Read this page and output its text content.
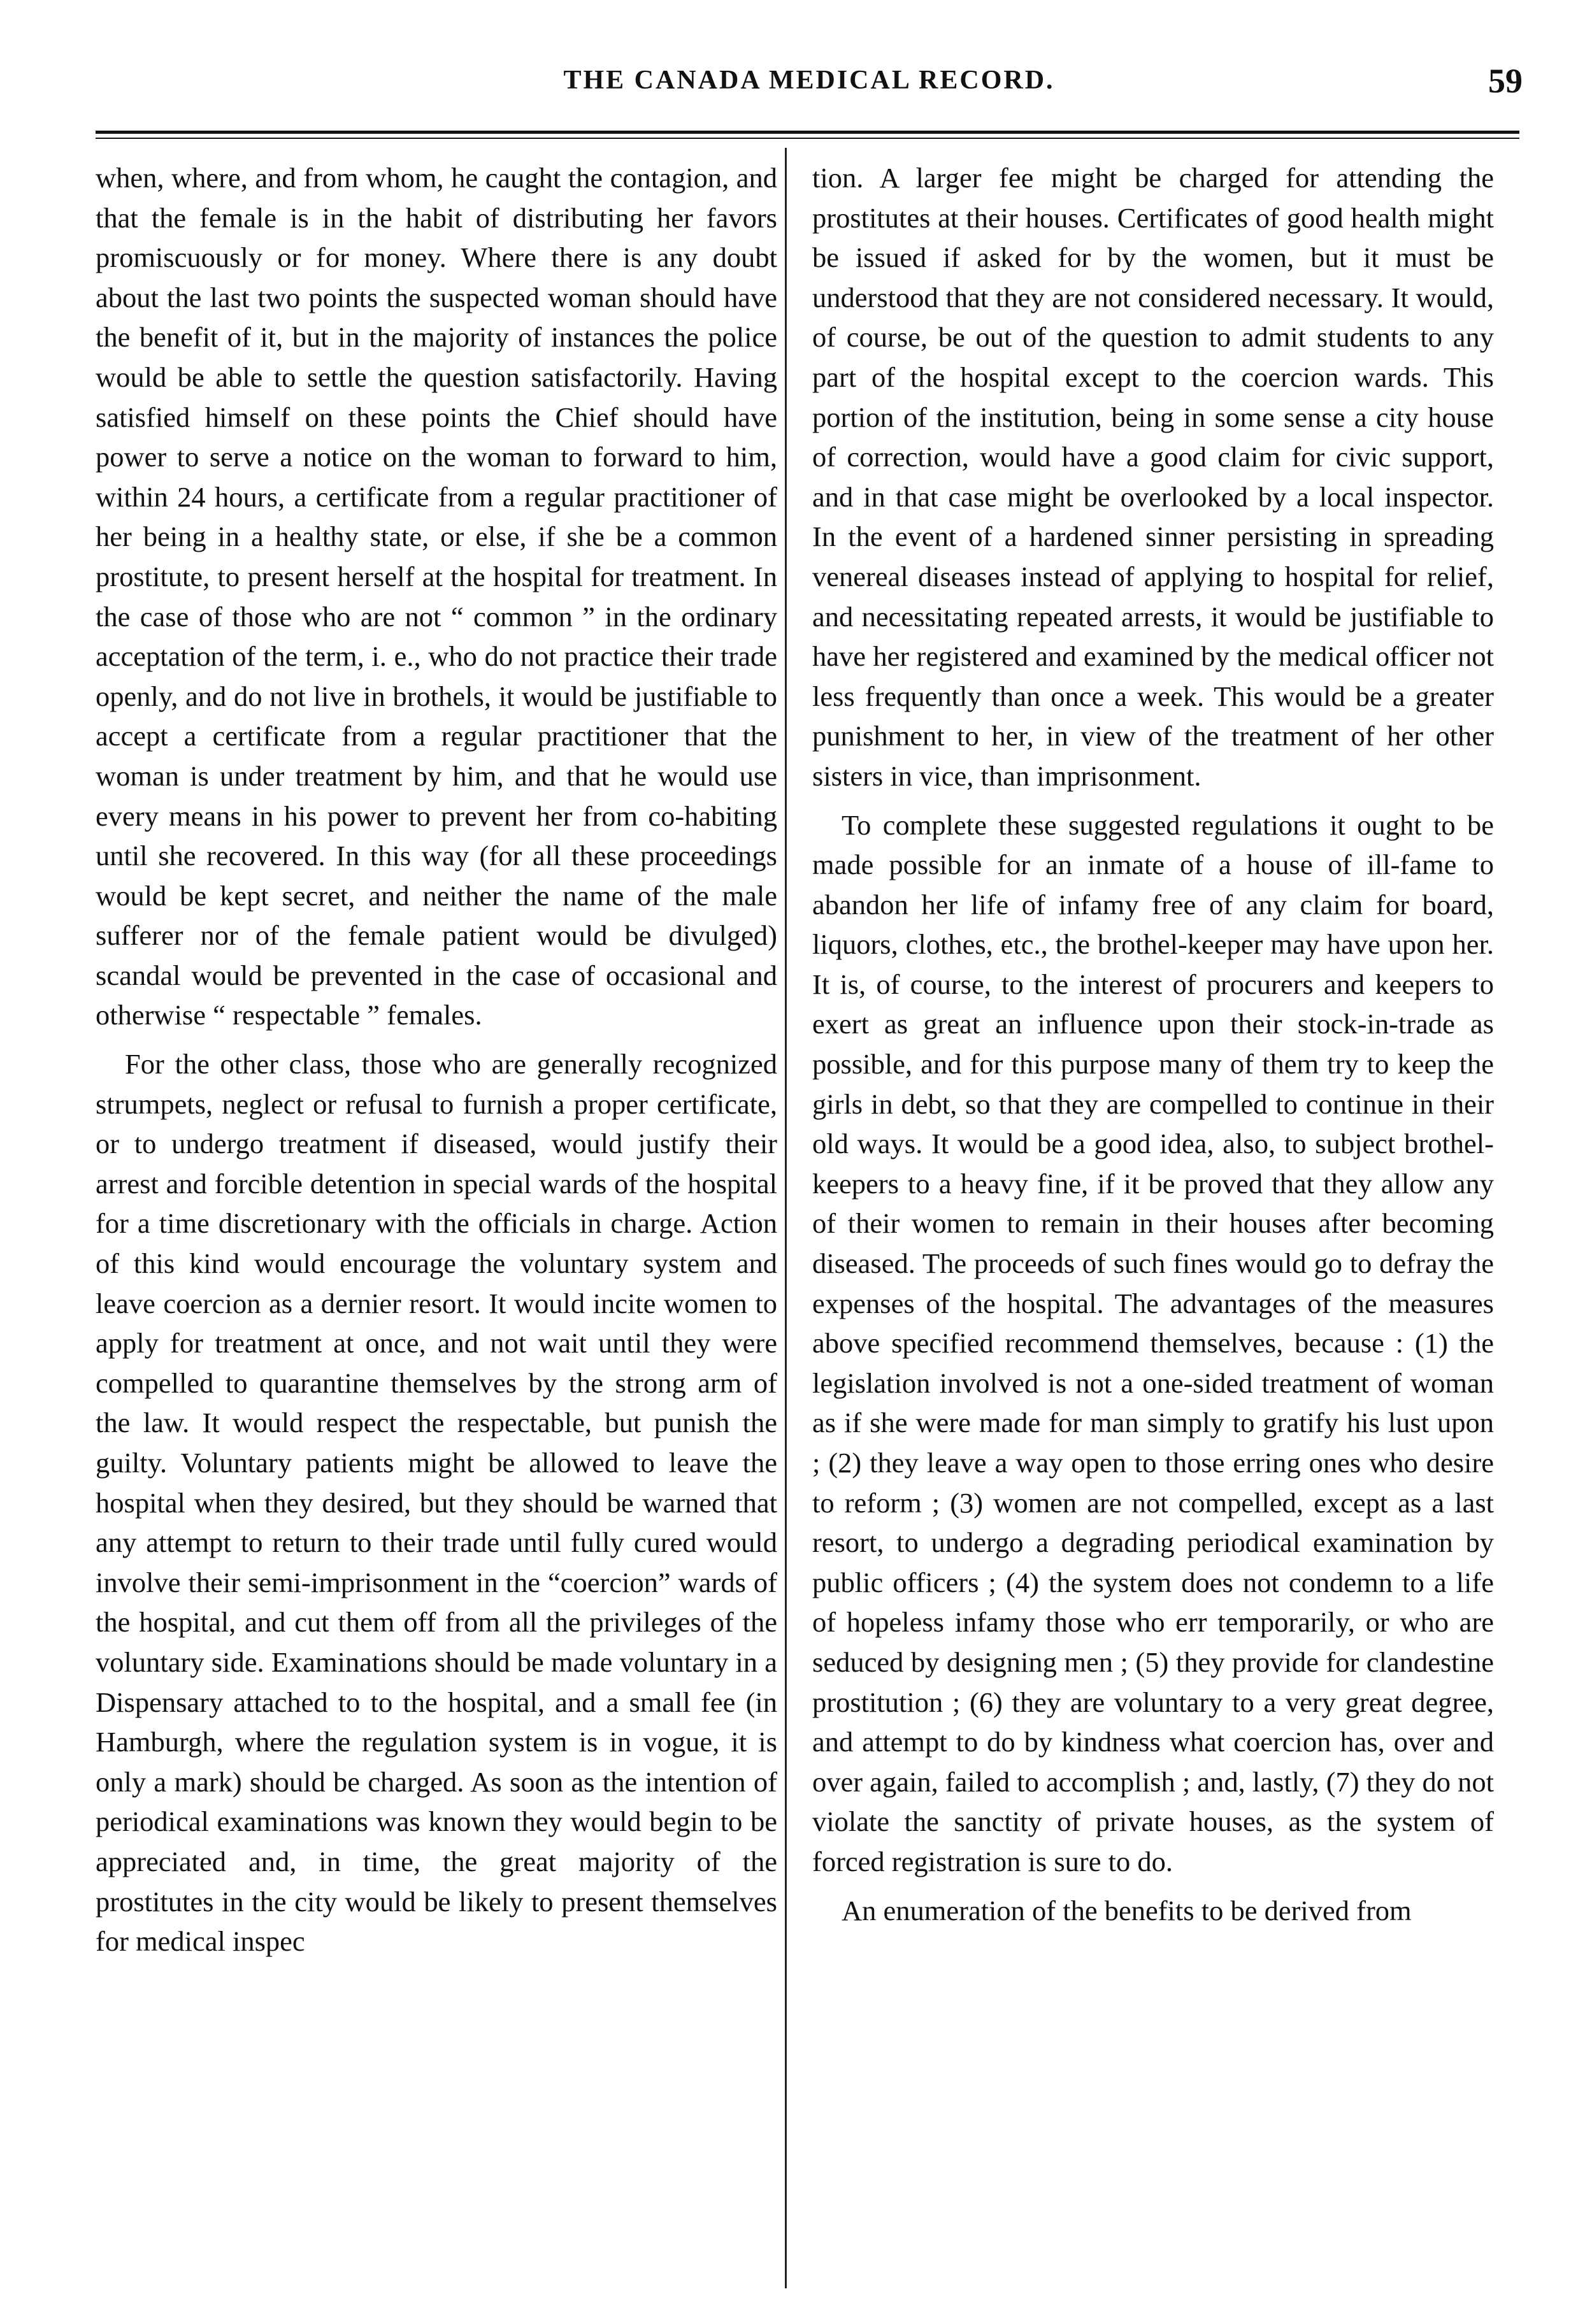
THE CANADA MEDICAL RECORD.	59

when, where, and from whom, he caught the contagion, and that the female is in the habit of distributing her favors promiscuously or for money. Where there is any doubt about the last two points the suspected woman should have the benefit of it, but in the majority of instances the police would be able to settle the question satisfactorily. Having satisfied himself on these points the Chief should have power to serve a notice on the woman to forward to him, within 24 hours, a certificate from a regular practitioner of her being in a healthy state, or else, if she be a common prostitute, to present herself at the hospital for treatment. In the case of those who are not “ common ” in the ordinary acceptation of the term, i. e., who do not practice their trade openly, and do not live in brothels, it would be justifiable to accept a certificate from a regular practitioner that the woman is under treatment by him, and that he would use every means in his power to prevent her from co-habiting until she recovered. In this way (for all these proceedings would be kept secret, and neither the name of the male sufferer nor of the female patient would be divulged) scandal would be prevented in the case of occasional and otherwise “ respectable ” females.

For the other class, those who are generally recognized strumpets, neglect or refusal to furnish a proper certificate, or to undergo treatment if diseased, would justify their arrest and forcible detention in special wards of the hospital for a time discretionary with the officials in charge. Action of this kind would encourage the voluntary system and leave coercion as a dernier resort. It would incite women to apply for treatment at once, and not wait until they were compelled to quarantine themselves by the strong arm of the law. It would respect the respectable, but punish the guilty. Voluntary patients might be allowed to leave the hospital when they desired, but they should be warned that any attempt to return to their trade until fully cured would involve their semi-imprisonment in the “coercion” wards of the hospital, and cut them off from all the privileges of the voluntary side. Examinations should be made voluntary in a Dispensary attached to to the hospital, and a small fee (in Hamburgh, where the regulation system is in vogue, it is only a mark) should be charged. As soon as the intention of periodical examinations was known they would begin to be appreciated and, in time, the great majority of the prostitutes in the city would be likely to present themselves for medical inspec

tion. A larger fee might be charged for attending the prostitutes at their houses. Certificates of good health might be issued if asked for by the women, but it must be understood that they are not considered necessary. It would, of course, be out of the question to admit students to any part of the hospital except to the coercion wards. This portion of the institution, being in some sense a city house of correction, would have a good claim for civic support, and in that case might be overlooked by a local inspector. In the event of a hardened sinner persisting in spreading venereal diseases instead of applying to hospital for relief, and necessitating repeated arrests, it would be justifiable to have her registered and examined by the medical officer not less frequently than once a week. This would be a greater punishment to her, in view of the treatment of her other sisters in vice, than imprisonment.

To complete these suggested regulations it ought to be made possible for an inmate of a house of ill-fame to abandon her life of infamy free of any claim for board, liquors, clothes, etc., the brothel-keeper may have upon her. It is, of course, to the interest of procurers and keepers to exert as great an influence upon their stock-in-trade as possible, and for this purpose many of them try to keep the girls in debt, so that they are compelled to continue in their old ways. It would be a good idea, also, to subject brothel-keepers to a heavy fine, if it be proved that they allow any of their women to remain in their houses after becoming diseased. The proceeds of such fines would go to defray the expenses of the hospital. The advantages of the measures above specified recommend themselves, because : (1) the legislation involved is not a one-sided treatment of woman as if she were made for man simply to gratify his lust upon ; (2) they leave a way open to those erring ones who desire to reform ; (3) women are not compelled, except as a last resort, to undergo a degrading periodical examination by public officers ; (4) the system does not condemn to a life of hopeless infamy those who err temporarily, or who are seduced by designing men ; (5) they provide for clandestine prostitution ; (6) they are voluntary to a very great degree, and attempt to do by kindness what coercion has, over and over again, failed to accomplish ; and, lastly, (7) they do not violate the sanctity of private houses, as the system of forced registration is sure to do.

An enumeration of the benefits to be derived from
